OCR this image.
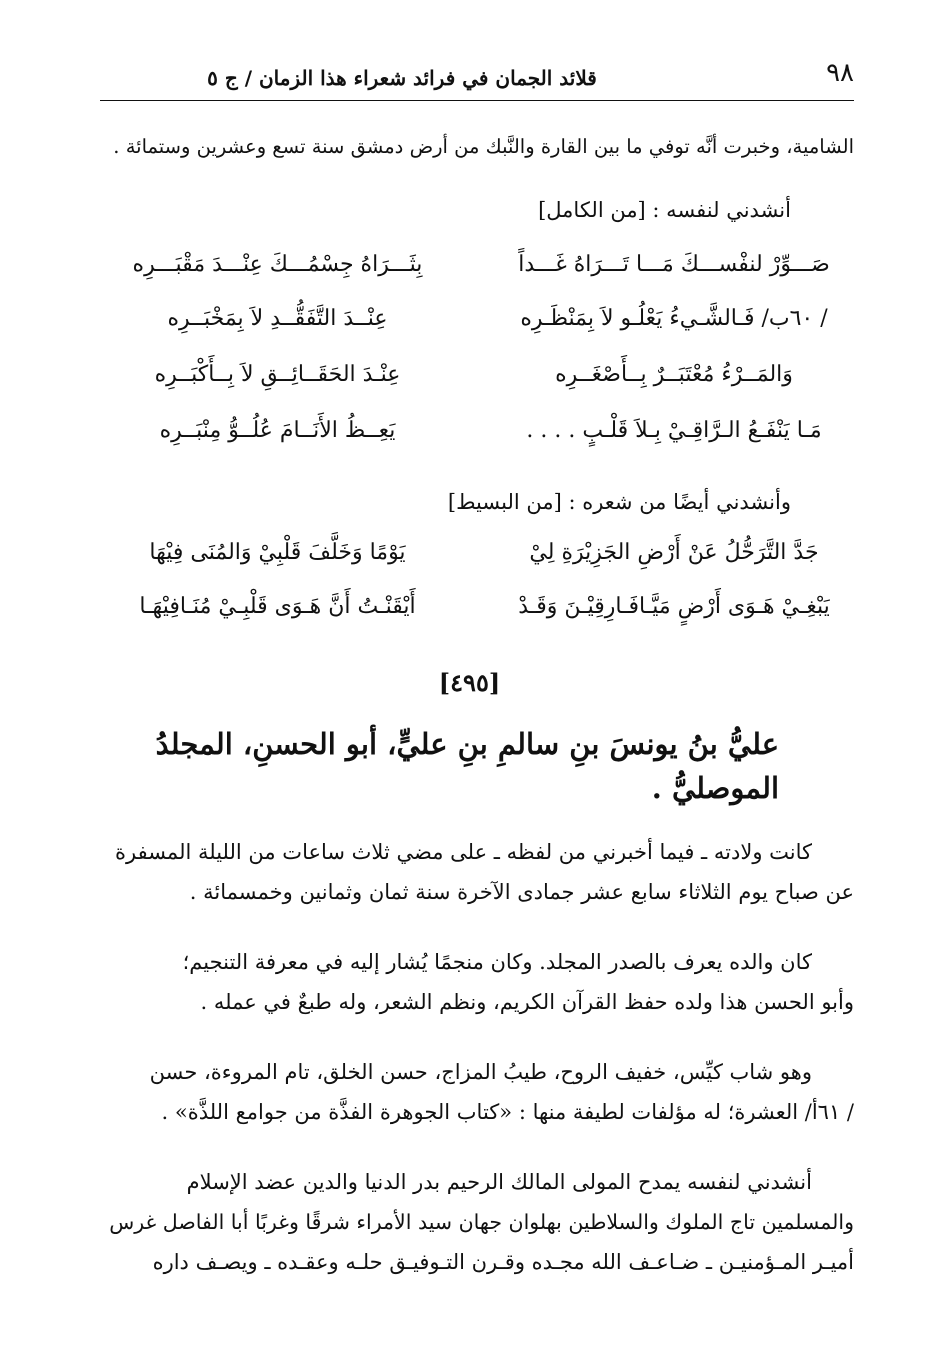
٩٨
قلائد الجمان في فرائد شعراء هذا الزمان / ج ٥
الشامية، وخبرت أنَّه توفي ما بين القارة والنَّبك من أرض دمشق سنة تسع وعشرين وستمائة .
أنشدني لنفسه : [من الكامل]
صَـــوِّرْ لنفْســـكَ مَـــا تَـــرَاهُ غَـــداً
بِثَـــرَاهُ جِسْمُـــكَ عِنْـــدَ مَقْبَـــرِه
/ ٦٠ب/ فَـالشَّـيءُ يَعْلُـو لاَ بِمَنْظَـرِه
عِنْــدَ التَّفَقُّــدِ لاَ بِمَخْبَــرِه
وَالمَــرْءُ مُعْتَبَــرٌ بِــأَصْغَــرِه
عِنْـدَ الحَقَــائِــقِ لاَ بِــأَكْبَــرِه
مَـا يَنْفَـعُ الـرَّاقِـيْ بِـلاَ قَلْـبٍ . . . .
يَعِــظُ الأَنَــامَ عُلُــوُّ مِنْبَــرِه
وأنشدني أيضًا من شعره : [من البسيط]
جَدَّ التَّرَحُّلُ عَنْ أَرْضِ الجَزِيْرَةِ لِيْ
يَوْمًا وَخَلَّفَ قَلْبِيْ وَالمُنَى فِيْهَا
يَبْغِـيْ هَـوَى أَرْضٍ مَيَّـافَـارِقِيْـنَ وَقَـدْ
أَيْقَنْـتُ أَنَّ هَـوَى قَلْبِـيْ مُنَـافِيْهَـا
[٤٩٥]
عليُّ بنُ يونسَ بنِ سالمِ بنِ عليٍّ، أبو الحسنِ، المجلدُ
الموصليُّ .
كانت ولادته ـ فيما أخبرني من لفظه ـ على مضي ثلاث ساعات من الليلة المسفرة
عن صباح يوم الثلاثاء سابع عشر جمادى الآخرة سنة ثمان وثمانين وخمسمائة .
كان والده يعرف بالصدر المجلد. وكان منجمًا يُشار إليه في معرفة التنجيم؛
وأبو الحسن هذا ولده حفظ القرآن الكريم، ونظم الشعر، وله طبعٌ في عمله .
وهو شاب كيِّس، خفيف الروح، طيبُ المزاج، حسن الخلق، تام المروءة، حسن
/ ٦١أ/ العشرة؛ له مؤلفات لطيفة منها : «كتاب الجوهرة الفذَّة من جوامع اللذَّة» .
أنشدني لنفسه يمدح المولى المالك الرحيم بدر الدنيا والدين عضد الإسلام
والمسلمين تاج الملوك والسلاطين بهلوان جهان سيد الأمراء شرقًا وغربًا أبا الفاصل غرس
أميـر المـؤمنيـن ـ ضـاعـف الله مجـده وقـرن التـوفيـق حلـه وعقـده ـ ويصـف داره
